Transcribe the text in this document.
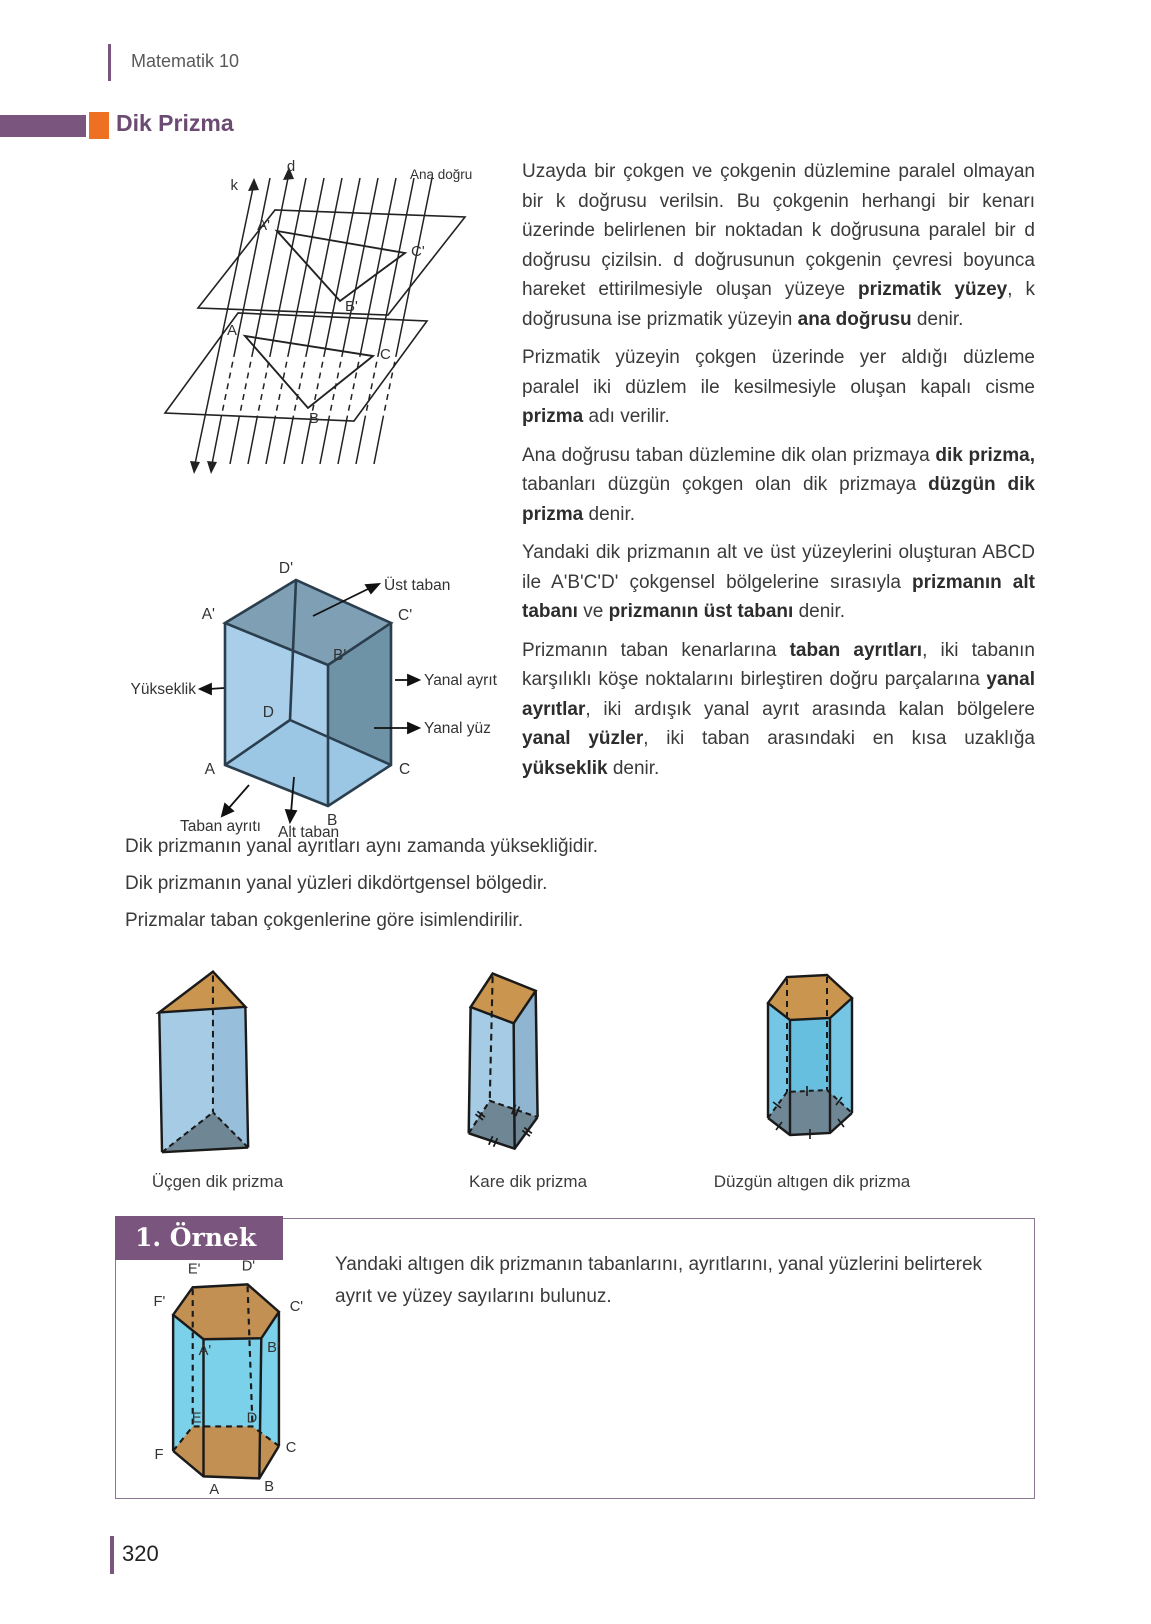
Matematik 10
Dik Prizma
k
d	Ana doğru
A'
C'
B'
A
C
B
Üst taban
Yanal ayrıt
Yanal yüz
Yükseklik
Taban ayrıtı Alt taban
D'
A'	C'
B'
D
A	C
B

Uzayda bir çokgen ve çokgenin düzlemine paralel olmayan bir k doğrusu verilsin. Bu çokgenin herhangi bir kenarı üzerinde belirlenen bir noktadan k doğrusuna paralel bir d doğrusu çizilsin. d doğrusunun çokgenin çevresi boyunca hareket ettirilmesiyle oluşan yüzeye prizmatik yüzey, k doğrusuna ise prizmatik yüzeyin ana doğrusu denir.

Prizmatik yüzeyin çokgen üzerinde yer aldığı düzleme paralel iki düzlem ile kesilmesiyle oluşan kapalı cisme prizma adı verilir.

Ana doğrusu taban düzlemine dik olan prizmaya dik prizma, tabanları düzgün çokgen olan dik prizmaya düzgün dik prizma denir.

Yandaki dik prizmanın alt ve üst yüzeylerini oluşturan ABCD ile A'B'C'D' çokgensel bölgelerine sırasıyla prizmanın alt tabanı ve prizmanın üst tabanı denir.

Prizmanın taban kenarlarına taban ayrıtları, iki tabanın karşılıklı köşe noktalarını birleştiren doğru parçalarına yanal ayrıtlar, iki ardışık yanal ayrıt arasında kalan bölgelere yanal yüzler, iki taban arasındaki en kısa uzaklığa yükseklik denir.

Dik prizmanın yanal ayrıtları aynı zamanda yüksekliğidir.

Dik prizmanın yanal yüzleri dikdörtgensel bölgedir.

Prizmalar taban çokgenlerine göre isimlendirilir.

Üçgen dik prizma	Kare dik prizma	Düzgün altıgen dik prizma
1. Örnek
Yandaki altıgen dik prizmanın tabanlarını, ayrıtlarını, yanal yüzlerini belirterek ayrıt ve yüzey sayılarını bulunuz.
E'	D'
F'	C'
A'	B'
E	D
F	C
A	B
320
